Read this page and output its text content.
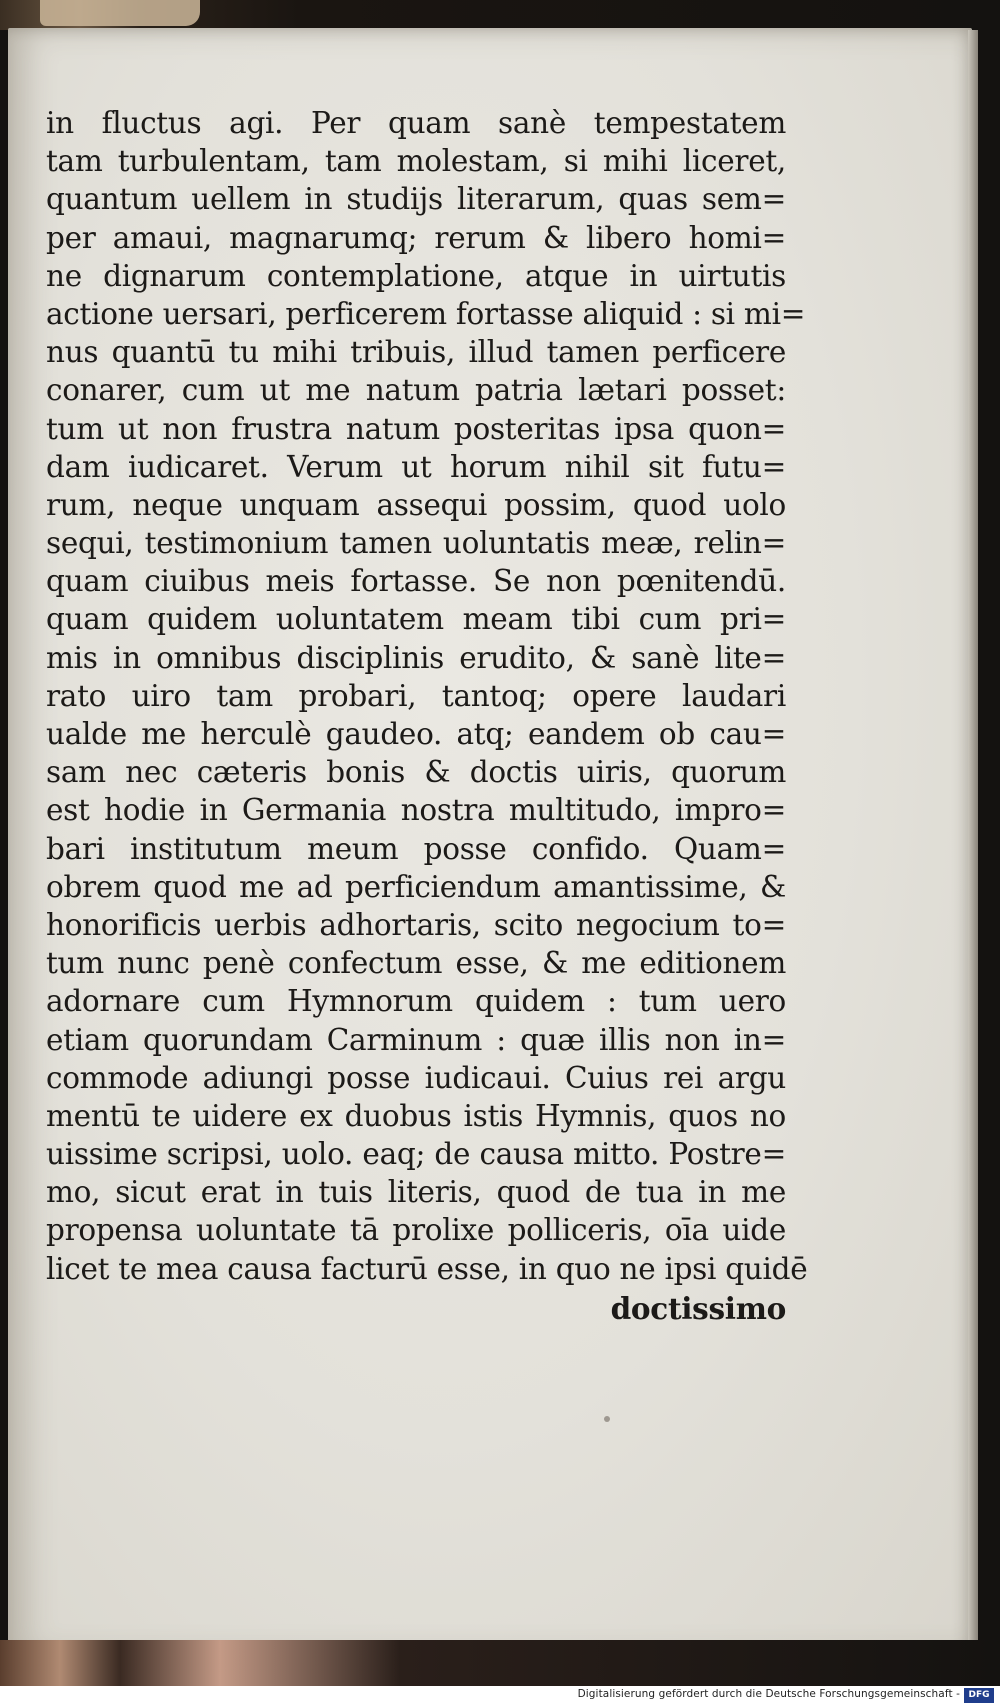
in fluctus agi. Per quam sanè tempestatem
tam turbulentam, tam molestam, si mihi liceret,
quantum uellem in studijs literarum, quas sem=
per amaui, magnarumq; rerum & libero homi=
ne dignarum contemplatione, atque in uirtutis
actione uersari, perficerem fortasse aliquid : si mi=
nus quantū tu mihi tribuis, illud tamen perficere
conarer, cum ut me natum patria lætari posset:
tum ut non frustra natum posteritas ipsa quon=
dam iudicaret. Verum ut horum nihil sit futu=
rum, neque unquam assequi possim, quod uolo
sequi, testimonium tamen uoluntatis meæ, relin=
quam ciuibus meis fortasse. Se non pœnitendū.
quam quidem uoluntatem meam tibi cum pri=
mis in omnibus disciplinis erudito, & sanè lite=
rato uiro tam probari, tantoq; opere laudari
ualde me herculè gaudeo. atq; eandem ob cau=
sam nec cæteris bonis & doctis uiris, quorum
est hodie in Germania nostra multitudo, impro=
bari institutum meum posse confido. Quam=
obrem quod me ad perficiendum amantissime, &
honorificis uerbis adhortaris, scito negocium to=
tum nunc penè confectum esse, & me editionem
adornare cum Hymnorum quidem : tum uero
etiam quorundam Carminum : quæ illis non in=
commode adiungi posse iudicaui. Cuius rei argu
mentū te uidere ex duobus istis Hymnis, quos no
uissime scripsi, uolo. eaq; de causa mitto. Postre=
mo, sicut erat in tuis literis, quod de tua in me
propensa uoluntate tā prolixe polliceris, oīa uide
licet te mea causa facturū esse, in quo ne ipsi quidē
doctissimo
Digitalisierung gefördert durch die Deutsche Forschungsgemeinschaft - DFG
